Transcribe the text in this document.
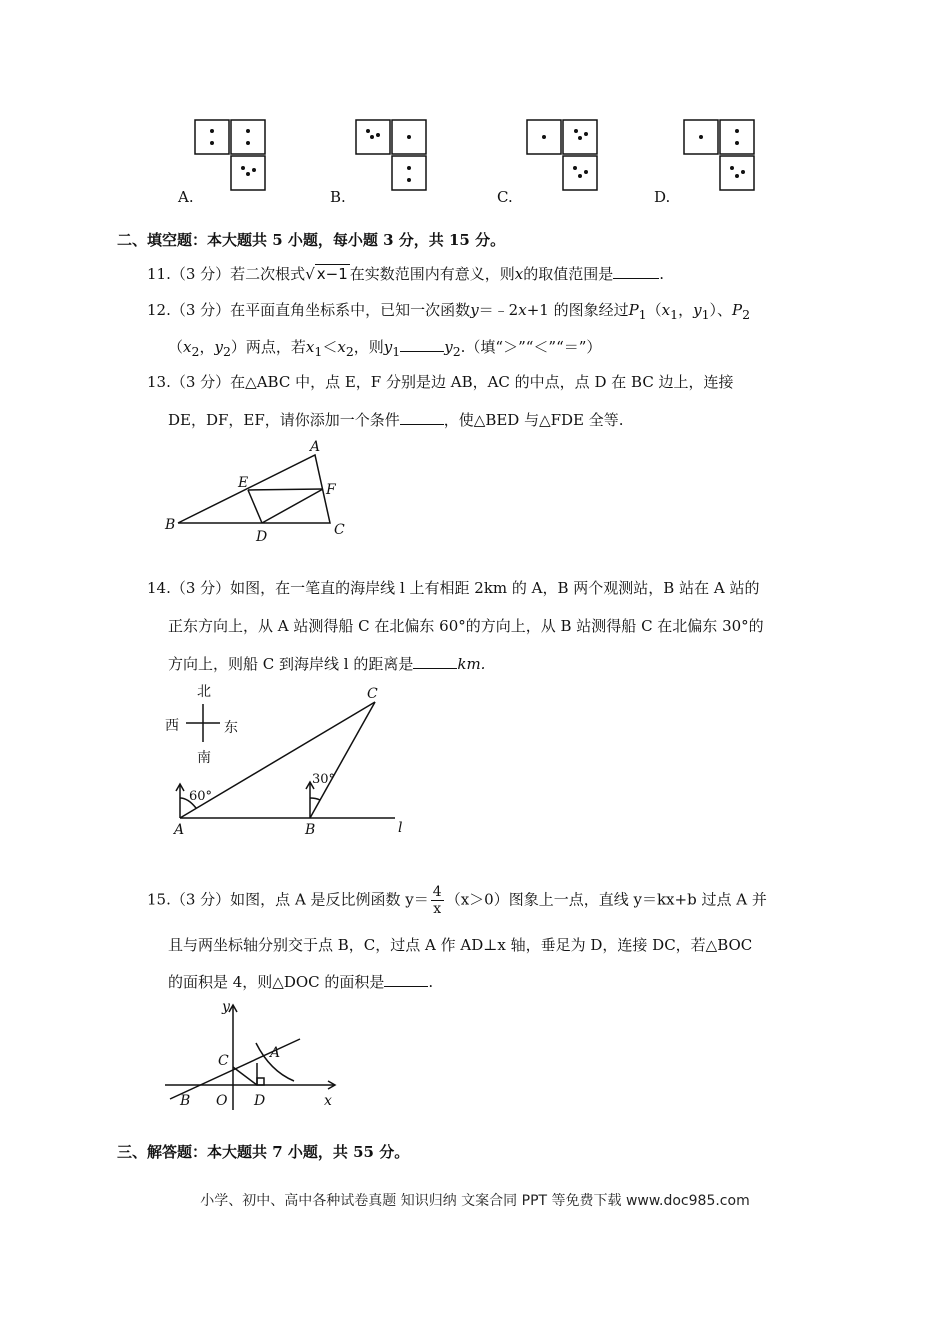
A.	B.	C.	D.
二、填空题：本大题共 5 小题，每小题 3 分，共 15 分。
11.（3 分）若二次根式√ x−1 在实数范围内有意义，则x的取值范围是	.
12.（3 分）在平面直角坐标系中，已知一次函数y＝﹣2x+1 的图象经过$P_1(x_1$，$y_1$）、$P_2$
（$x_2$，$y_2$）两点，若$x_1<x_2$，则$y_1$	$y_2$.（填“＞”“＜”“＝”）
13.（3 分）在△ABC 中，点 E，F 分别是边 AB，AC 的中点，点 D 在 BC 边上，连接
DE，DF，EF，请你添加一个条件	，使△BED 与△FDE 全等.
A
B	C
D
E	F
14.（3 分）如图，在一笔直的海岸线 l 上有相距 2km 的 A，B 两个观测站，B 站在 A 站的
正东方向上，从 A 站测得船 C 在北偏东 60°的方向上，从 B 站测得船 C 在北偏东 30°的
方向上，则船 C 到海岸线 l 的距离是	km.
北
西	东
南
A	B
C
l
60°
30°
15.（3 分）如图，点 A 是反比例函数 $y= \frac{4}{x} (x>0)$图象上一点，直线 y＝kx+b 过点 A 并
且与两坐标轴分别交于点 B，C，过点 A 作 AD⊥x 轴，垂足为 D，连接 DC，若△BOC
的面积是 4，则△DOC 的面积是	.
y
x
A
B
C
D
O
三、解答题：本大题共 7 小题，共 55 分。
小学、初中、高中各种试卷真题 知识归纳 文案合同 PPT 等免费下载 www.doc985.com
